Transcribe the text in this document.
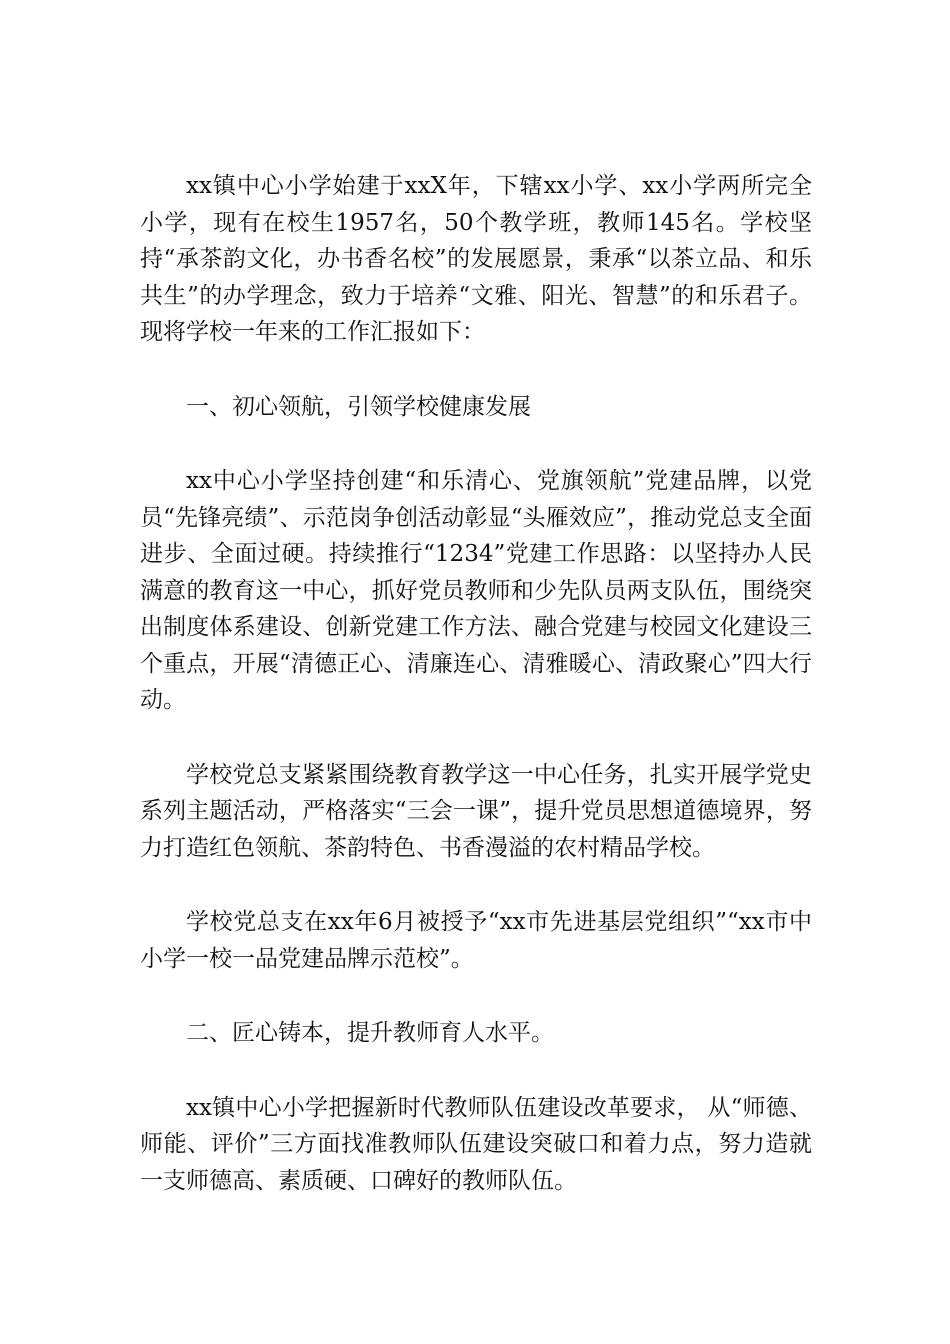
xx镇中心小学始建于xxX年，下辖xx小学、xx小学两所完全小学，现有在校生1957名，50个教学班，教师145名。学校坚持“承茶韵文化，办书香名校”的发展愿景，秉承“以茶立品、和乐共生”的办学理念，致力于培养“文雅、阳光、智慧”的和乐君子。现将学校一年来的工作汇报如下：

一、初心领航，引领学校健康发展

xx中心小学坚持创建“和乐清心、党旗领航”党建品牌，以党员“先锋亮绩”、示范岗争创活动彰显“头雁效应”，推动党总支全面进步、全面过硬。持续推行“1234”党建工作思路：以坚持办人民满意的教育这一中心，抓好党员教师和少先队员两支队伍，围绕突出制度体系建设、创新党建工作方法、融合党建与校园文化建设三个重点，开展“清德正心、清廉连心、清雅暖心、清政聚心”四大行动。

学校党总支紧紧围绕教育教学这一中心任务，扎实开展学党史系列主题活动，严格落实“三会一课”，提升党员思想道德境界，努力打造红色领航、茶韵特色、书香漫溢的农村精品学校。

学校党总支在xx年6月被授予“xx市先进基层党组织”“xx市中小学一校一品党建品牌示范校”。

二、匠心铸本，提升教师育人水平。

xx镇中心小学把握新时代教师队伍建设改革要求， 从“师德、师能、评价”三方面找准教师队伍建设突破口和着力点，努力造就一支师德高、素质硬、口碑好的教师队伍。
